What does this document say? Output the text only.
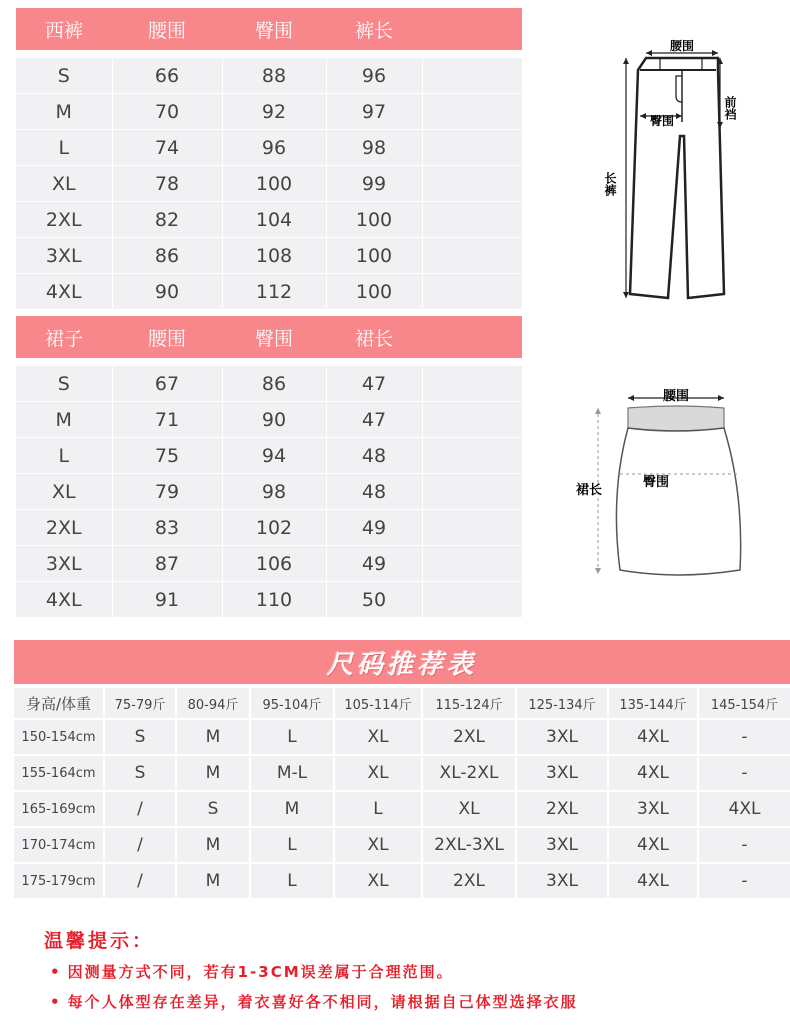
西裤	腰围	臀围	裤长	
S	66	88	96	
M	70	92	97	
L	74	96	98	
XL	78	100	99	
2XL	82	104	100	
3XL	86	108	100	
4XL	90	112	100	
腰围
臀围
前裆
长裤
裙子	腰围	臀围	裙长	
S	67	86	47	
M	71	90	47	
L	75	94	48	
XL	79	98	48	
2XL	83	102	49	
3XL	87	106	49	
4XL	91	110	50	
腰围
臀围
裙长
尺码推荐表
身高/体重	75-79斤	80-94斤	95-104斤	105-114斤	115-124斤	125-134斤	135-144斤	145-154斤
150-154cm	S	M	L	XL	2XL	3XL	4XL	-
155-164cm	S	M	M-L	XL	XL-2XL	3XL	4XL	-
165-169cm	/	S	M	L	XL	2XL	3XL	4XL
170-174cm	/	M	L	XL	2XL-3XL	3XL	4XL	-
175-179cm	/	M	L	XL	2XL	3XL	4XL	-
温馨提示：
• 因测量方式不同，若有1-3CM误差属于合理范围。
• 每个人体型存在差异，着衣喜好各不相同，请根据自己体型选择衣服
